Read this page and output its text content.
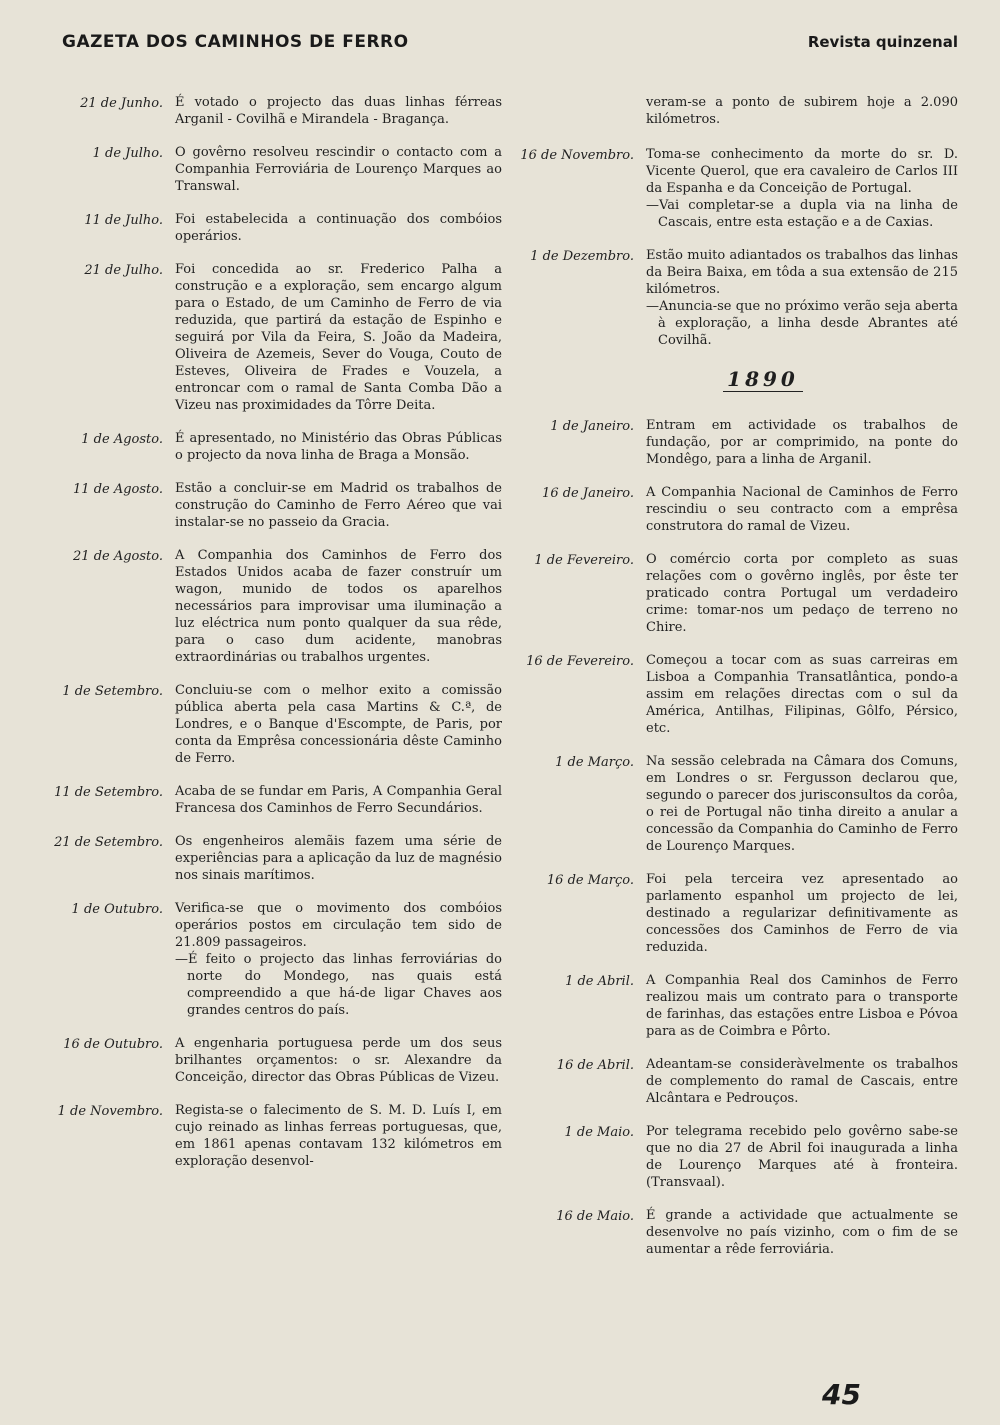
GAZETA DOS CAMINHOS DE FERRO	Revista quinzenal
21 de Junho. É votado o projecto das duas linhas férreas Arganil - Covilhã e Mirandela - Bragança.

1 de Julho. O govêrno resolveu rescindir o contacto com a Companhia Ferroviária de Lourenço Marques ao Transwal.

11 de Julho. Foi estabelecida a continuação dos combóios operários.

21 de Julho. Foi concedida ao sr. Frederico Palha a construção e a exploração, sem encargo algum para o Estado, de um Caminho de Ferro de via reduzida, que partirá da estação de Espinho e seguirá por Vila da Feira, S. João da Madeira, Oliveira de Azemeis, Sever do Vouga, Couto de Esteves, Oliveira de Frades e Vouzela, a entroncar com o ramal de Santa Comba Dão a Vizeu nas proximidades da Tôrre Deita.

1 de Agosto. É apresentado, no Ministério das Obras Públicas o projecto da nova linha de Braga a Monsão.

11 de Agosto. Estão a concluir-se em Madrid os trabalhos de construção do Caminho de Ferro Aéreo que vai instalar-se no passeio da Gracia.

21 de Agosto. A Companhia dos Caminhos de Ferro dos Estados Unidos acaba de fazer construír um wagon, munido de todos os aparelhos necessários para improvisar uma iluminação a luz eléctrica num ponto qualquer da sua rêde, para o caso dum acidente, manobras extraordinárias ou trabalhos urgentes.

1 de Setembro. Concluiu-se com o melhor exito a comissão pública aberta pela casa Martins & C.ª, de Londres, e o Banque d'Escompte, de Paris, por conta da Emprêsa concessionária dêste Caminho de Ferro.

11 de Setembro. Acaba de se fundar em Paris, A Companhia Geral Francesa dos Caminhos de Ferro Secundários.

21 de Setembro. Os engenheiros alemãis fazem uma série de experiências para a aplicação da luz de magnésio nos sinais marítimos.

1 de Outubro. Verifica-se que o movimento dos combóios operários postos em circulação tem sido de 21.809 passageiros.

—É feito o projecto das linhas ferroviárias do norte do Mondego, nas quais está compreendido a que há-de ligar Chaves aos grandes centros do país.

16 de Outubro. A engenharia portuguesa perde um dos seus brilhantes orçamentos: o sr. Alexandre da Conceição, director das Obras Públicas de Vizeu.

1 de Novembro. Regista-se o falecimento de S. M. D. Luís I, em cujo reinado as linhas ferreas portuguesas, que, em 1861 apenas contavam 132 kilómetros em exploração desenvol-

veram-se a ponto de subirem hoje a 2.090 kilómetros.
16 de Novembro. Toma-se conhecimento da morte do sr. D. Vicente Querol, que era cavaleiro de Carlos III da Espanha e da Conceição de Portugal.

—Vai completar-se a dupla via na linha de Cascais, entre esta estação e a de Caxias.

1 de Dezembro. Estão muito adiantados os trabalhos das linhas da Beira Baixa, em tôda a sua extensão de 215 kilómetros.

—Anuncia-se que no próximo verão seja aberta à exploração, a linha desde Abrantes até Covilhã.

1890
1 de Janeiro. Entram em actividade os trabalhos de fundação, por ar comprimido, na ponte do Mondêgo, para a linha de Arganil.

16 de Janeiro. A Companhia Nacional de Caminhos de Ferro rescindiu o seu contracto com a emprêsa construtora do ramal de Vizeu.

1 de Fevereiro. O comércio corta por completo as suas relações com o govêrno inglês, por êste ter praticado contra Portugal um verdadeiro crime: tomar-nos um pedaço de terreno no Chire.

16 de Fevereiro. Começou a tocar com as suas carreiras em Lisboa a Companhia Transatlântica, pondo-a assim em relações directas com o sul da América, Antilhas, Filipinas, Gôlfo, Pérsico, etc.

1 de Março. Na sessão celebrada na Câmara dos Comuns, em Londres o sr. Fergusson declarou que, segundo o parecer dos jurisconsultos da corôa, o rei de Portugal não tinha direito a anular a concessão da Companhia do Caminho de Ferro de Lourenço Marques.

16 de Março. Foi pela terceira vez apresentado ao parlamento espanhol um projecto de lei, destinado a regularizar definitivamente as concessões dos Caminhos de Ferro de via reduzida.

1 de Abril. A Companhia Real dos Caminhos de Ferro realizou mais um contrato para o transporte de farinhas, das estações entre Lisboa e Póvoa para as de Coimbra e Pôrto.

16 de Abril. Adeantam-se consideràvelmente os trabalhos de complemento do ramal de Cascais, entre Alcântara e Pedrouços.

1 de Maio. Por telegrama recebido pelo govêrno sabe-se que no dia 27 de Abril foi inaugurada a linha de Lourenço Marques até à fronteira. (Transvaal).

16 de Maio. É grande a actividade que actualmente se desenvolve no país vizinho, com o fim de se aumentar a rêde ferroviária.

45
